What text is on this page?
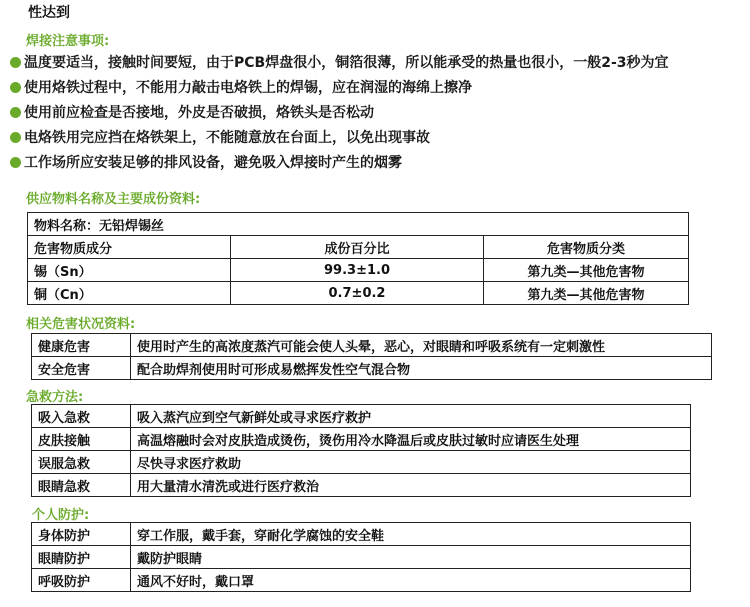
性达到
焊接注意事项:
温度要适当，接触时间要短，由于PCB焊盘很小，铜箔很薄，所以能承受的热量也很小，一般2-3秒为宜
使用烙铁过程中，不能用力敲击电烙铁上的焊锡，应在润湿的海绵上擦净
使用前应检查是否接地，外皮是否破损，烙铁头是否松动
电烙铁用完应挡在烙铁架上，不能随意放在台面上，以免出现事故
工作场所应安装足够的排风设备，避免吸入焊接时产生的烟雾
供应物料名称及主要成份资料:
物料名称：无铅焊锡丝		
危害物质成分	成份百分比	危害物质分类
锡（Sn）	99.3±1.0	第九类—其他危害物
铜（Cn）	0.7±0.2	第九类—其他危害物
相关危害状况资料:
健康危害	使用时产生的高浓度蒸汽可能会使人头晕，恶心，对眼睛和呼吸系统有一定刺激性
安全危害	配合助焊剂使用时可形成易燃挥发性空气混合物
急救方法:
吸入急救	吸入蒸汽应到空气新鲜处或寻求医疗救护
皮肤接触	高温熔融时会对皮肤造成烫伤，烫伤用冷水降温后或皮肤过敏时应请医生处理
误服急救	尽快寻求医疗救助
眼睛急救	用大量清水清洗或进行医疗救治
个人防护:
身体防护	穿工作服，戴手套，穿耐化学腐蚀的安全鞋
眼睛防护	戴防护眼睛
呼吸防护	通风不好时，戴口罩
